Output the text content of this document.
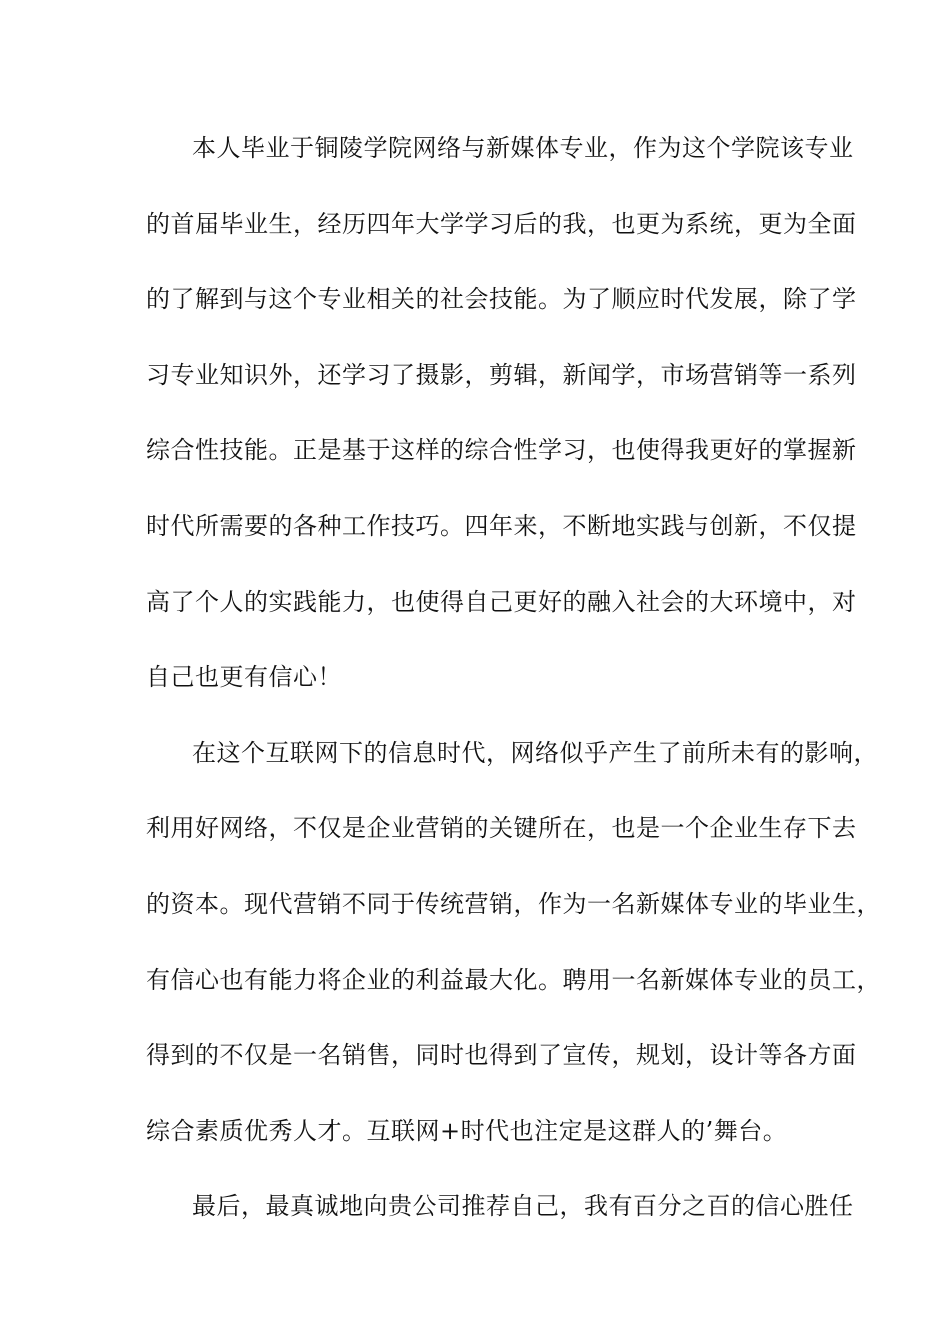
本人毕业于铜陵学院网络与新媒体专业，作为这个学院该专业
的首届毕业生，经历四年大学学习后的我，也更为系统，更为全面
的了解到与这个专业相关的社会技能。为了顺应时代发展，除了学
习专业知识外，还学习了摄影，剪辑，新闻学，市场营销等一系列
综合性技能。正是基于这样的综合性学习，也使得我更好的掌握新
时代所需要的各种工作技巧。四年来，不断地实践与创新，不仅提
高了个人的实践能力，也使得自己更好的融入社会的大环境中，对
自己也更有信心！
在这个互联网下的信息时代，网络似乎产生了前所未有的影响，
利用好网络，不仅是企业营销的关键所在，也是一个企业生存下去
的资本。现代营销不同于传统营销，作为一名新媒体专业的毕业生，
有信心也有能力将企业的利益最大化。聘用一名新媒体专业的员工，
得到的不仅是一名销售，同时也得到了宣传，规划，设计等各方面
综合素质优秀人才。互联网+时代也注定是这群人的’舞台。
最后，最真诚地向贵公司推荐自己，我有百分之百的信心胜任
